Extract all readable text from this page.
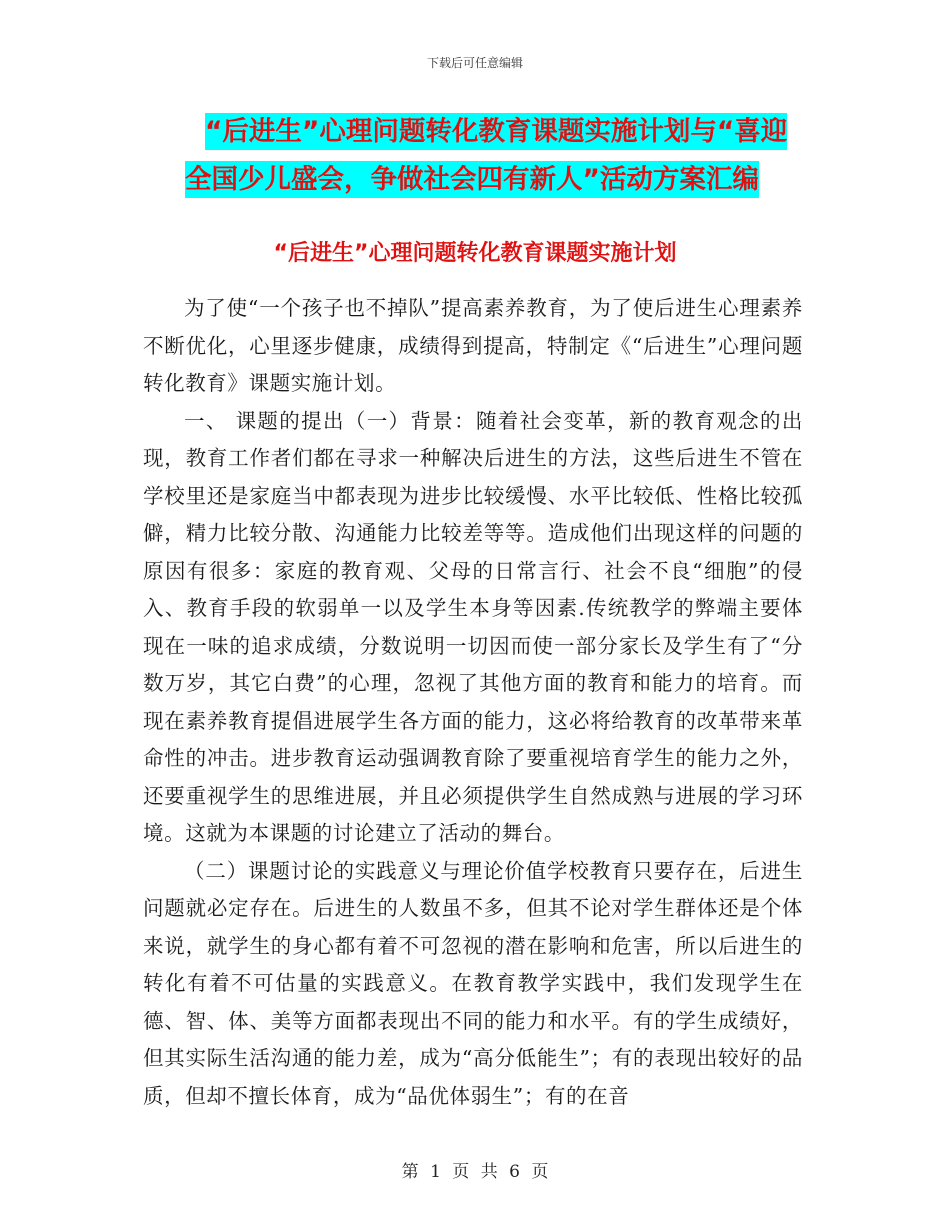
下载后可任意编辑
“后进生”心理问题转化教育课题实施计划与“喜迎
全国少儿盛会，争做社会四有新人”活动方案汇编
“后进生”心理问题转化教育课题实施计划

为了使“一个孩子也不掉队”提高素养教育，为了使后进生心理素养不断优化，心里逐步健康，成绩得到提高，特制定《“后进生”心理问题转化教育》课题实施计划。

一、 课题的提出（一）背景：随着社会变革，新的教育观念的出现，教育工作者们都在寻求一种解决后进生的方法，这些后进生不管在学校里还是家庭当中都表现为进步比较缓慢、水平比较低、性格比较孤僻，精力比较分散、沟通能力比较差等等。造成他们出现这样的问题的原因有很多：家庭的教育观、父母的日常言行、社会不良“细胞”的侵入、教育手段的软弱单一以及学生本身等因素.传统教学的弊端主要体现在一味的追求成绩，分数说明一切因而使一部分家长及学生有了“分数万岁，其它白费”的心理，忽视了其他方面的教育和能力的培育。而现在素养教育提倡进展学生各方面的能力，这必将给教育的改革带来革命性的冲击。进步教育运动强调教育除了要重视培育学生的能力之外，还要重视学生的思维进展，并且必须提供学生自然成熟与进展的学习环境。这就为本课题的讨论建立了活动的舞台。

（二）课题讨论的实践意义与理论价值学校教育只要存在，后进生问题就必定存在。后进生的人数虽不多，但其不论对学生群体还是个体来说，就学生的身心都有着不可忽视的潜在影响和危害，所以后进生的转化有着不可估量的实践意义。在教育教学实践中，我们发现学生在德、智、体、美等方面都表现出不同的能力和水平。有的学生成绩好，但其实际生活沟通的能力差，成为“高分低能生”；有的表现出较好的品质，但却不擅长体育，成为“品优体弱生”；有的在音

第 1 页 共 6 页
